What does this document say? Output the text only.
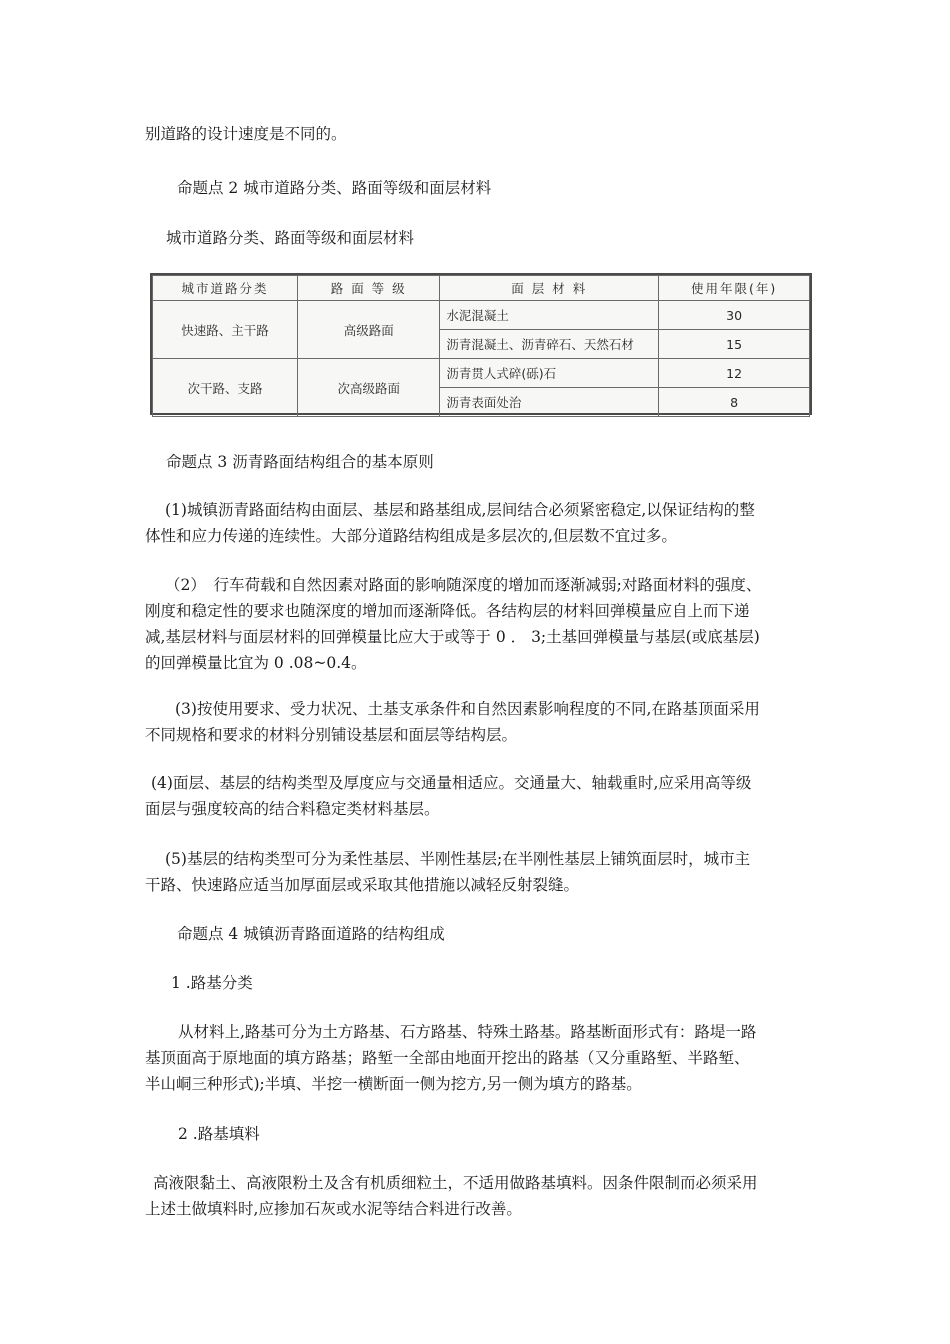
别道路的设计速度是不同的。

命题点 2 城市道路分类、路面等级和面层材料

城市道路分类、路面等级和面层材料

城市道路分类	路 面 等 级	面 层 材 料	使用年限(年)
快速路、主干路	高级路面	水泥混凝土	30
		沥青混凝土、沥青碎石、天然石材	15
次干路、支路	次高级路面	沥青贯人式碎(砾)石	12
		沥青表面处治	8

命题点 3 沥青路面结构组合的基本原则

(1)城镇沥青路面结构由面层、基层和路基组成,层间结合必须紧密稳定,以保证结构的整
体性和应力传递的连续性。大部分道路结构组成是多层次的,但层数不宜过多。
（2）　行车荷载和自然因素对路面的影响随深度的增加而逐渐减弱;对路面材料的强度、
刚度和稳定性的要求也随深度的增加而逐渐降低。各结构层的材料回弹模量应自上而下递
减,基层材料与面层材料的回弹模量比应大于或等于 0 ． 3;土基回弹模量与基层(或底基层)
的回弹模量比宜为 0 .08~0.4。
(3)按使用要求、受力状况、土基支承条件和自然因素影响程度的不同,在路基顶面采用
不同规格和要求的材料分别铺设基层和面层等结构层。
(4)面层、基层的结构类型及厚度应与交通量相适应。交通量大、轴载重时,应采用高等级
面层与强度较高的结合料稳定类材料基层。
(5)基层的结构类型可分为柔性基层、半刚性基层;在半刚性基层上铺筑面层时，城市主
干路、快速路应适当加厚面层或采取其他措施以减轻反射裂缝。

命题点 4 城镇沥青路面道路的结构组成

1 .路基分类

从材料上,路基可分为土方路基、石方路基、特殊土路基。路基断面形式有：路堤一路
基顶面高于原地面的填方路基；路堑一全部由地面开挖出的路基（又分重路堑、半路堑、
半山峒三种形式);半填、半挖一横断面一侧为挖方,另一侧为填方的路基。

2 .路基填料

高液限黏土、高液限粉土及含有机质细粒土，不适用做路基填料。因条件限制而必须采用
上述土做填料时,应掺加石灰或水泥等结合料进行改善。
